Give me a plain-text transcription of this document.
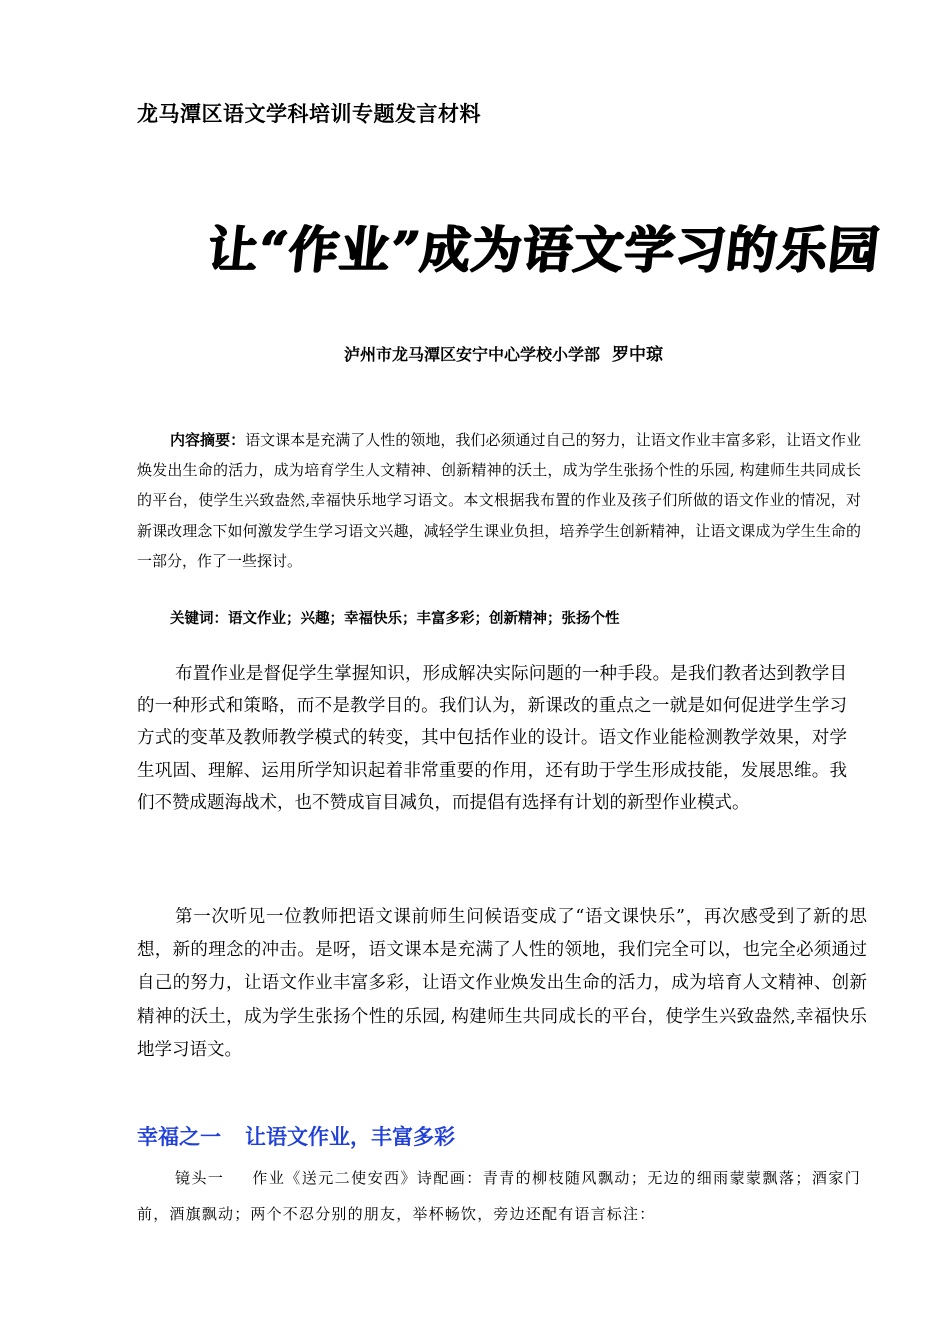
龙马潭区语文学科培训专题发言材料
让“作业”成为语文学习的乐园
泸州市龙马潭区安宁中心学校小学部 罗中琼
内容摘要：语文课本是充满了人性的领地，我们必须通过自己的努力，让语文作业丰富多彩，让语文作业焕发出生命的活力，成为培育学生人文精神、创新精神的沃土，成为学生张扬个性的乐园, 构建师生共同成长的平台，使学生兴致盎然,幸福快乐地学习语文。本文根据我布置的作业及孩子们所做的语文作业的情况，对新课改理念下如何激发学生学习语文兴趣，减轻学生课业负担，培养学生创新精神，让语文课成为学生生命的一部分，作了一些探讨。
关键词：语文作业；兴趣；幸福快乐；丰富多彩；创新精神；张扬个性
布置作业是督促学生掌握知识，形成解决实际问题的一种手段。是我们教者达到教学目的一种形式和策略，而不是教学目的。我们认为，新课改的重点之一就是如何促进学生学习方式的变革及教师教学模式的转变，其中包括作业的设计。语文作业能检测教学效果，对学生巩固、理解、运用所学知识起着非常重要的作用，还有助于学生形成技能，发展思维。我们不赞成题海战术，也不赞成盲目减负，而提倡有选择有计划的新型作业模式。
第一次听见一位教师把语文课前师生问候语变成了“语文课快乐”，再次感受到了新的思想，新的理念的冲击。是呀，语文课本是充满了人性的领地，我们完全可以，也完全必须通过自己的努力，让语文作业丰富多彩，让语文作业焕发出生命的活力，成为培育人文精神、创新精神的沃土，成为学生张扬个性的乐园, 构建师生共同成长的平台，使学生兴致盎然,幸福快乐地学习语文。
幸福之一 让语文作业，丰富多彩
镜头一 作业《送元二使安西》诗配画：青青的柳枝随风飘动；无边的细雨蒙蒙飘落；酒家门前，酒旗飘动；两个不忍分别的朋友，举杯畅饮，旁边还配有语言标注：
